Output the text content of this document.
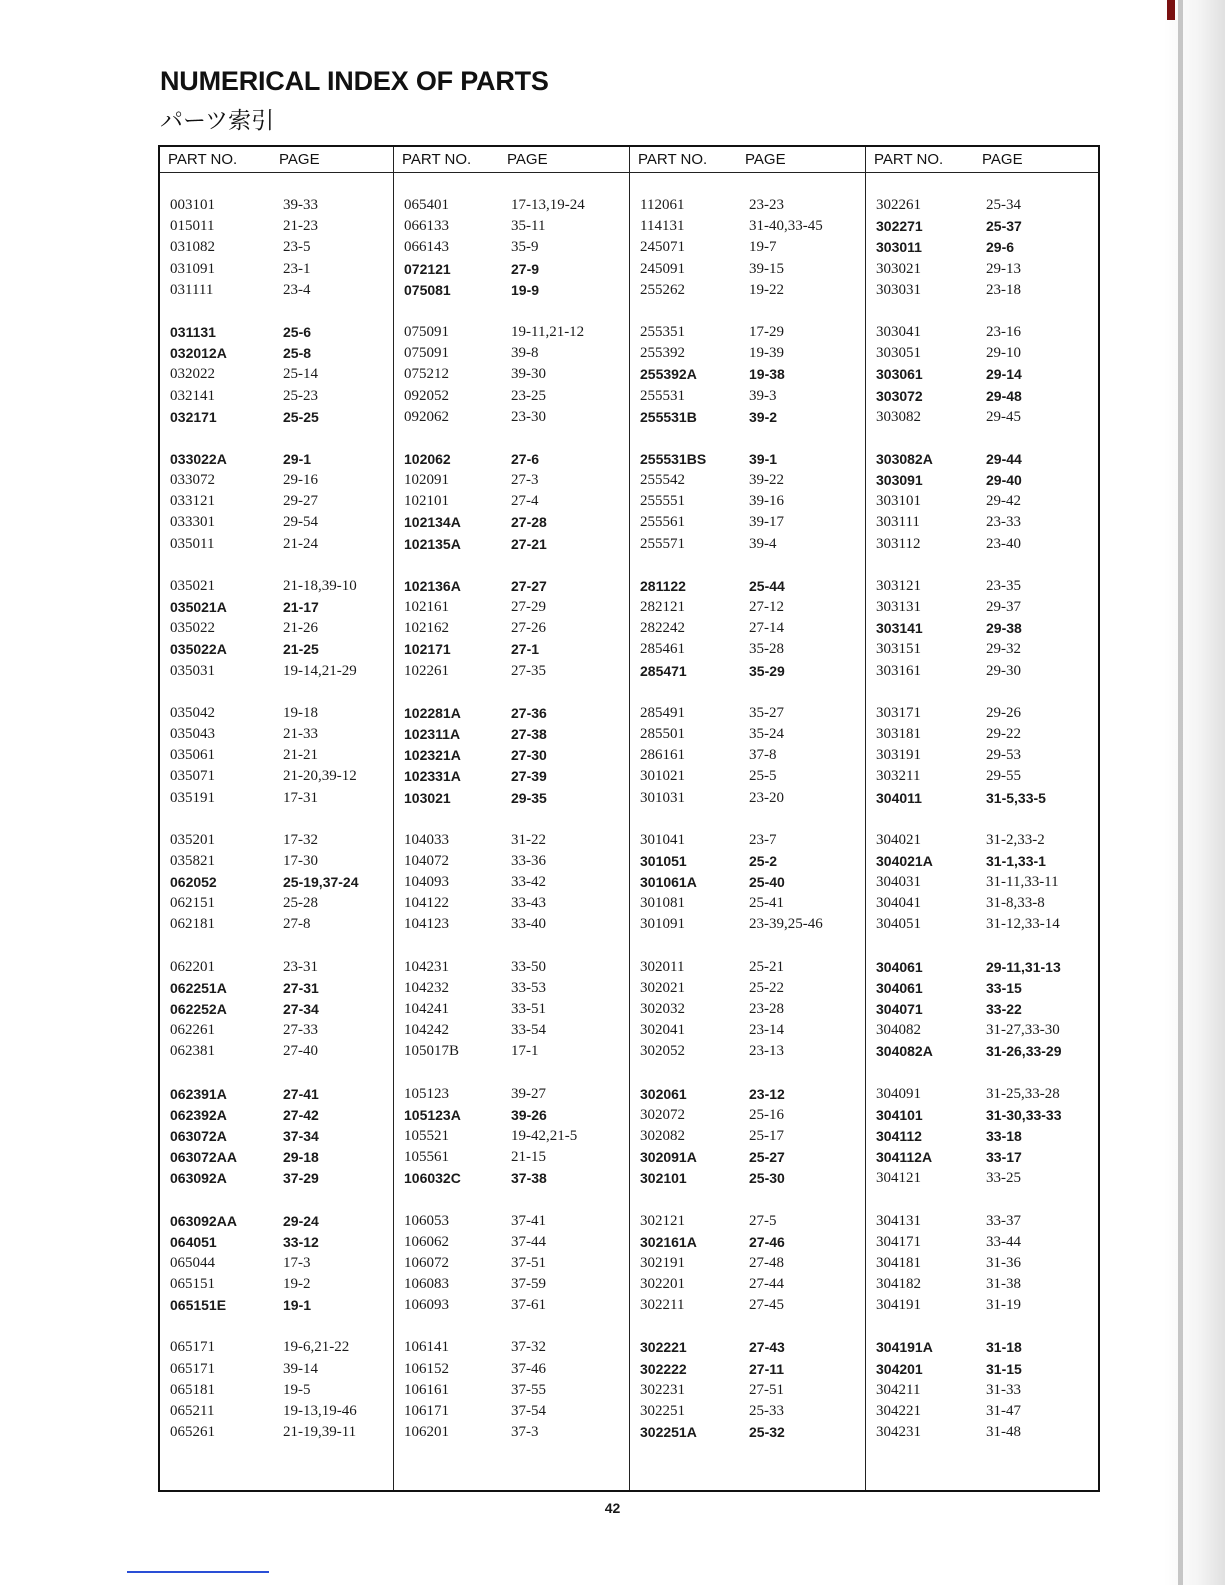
NUMERICAL INDEX OF PARTS
パーツ索引
PART NO.	PAGE
003101	39-33
015011	21-23
031082	23-5
031091	23-1
031111	23-4
031131	25-6
032012A	25-8
032022	25-14
032141	25-23
032171	25-25
033022A	29-1
033072	29-16
033121	29-27
033301	29-54
035011	21-24
035021	21-18,39-10
035021A	21-17
035022	21-26
035022A	21-25
035031	19-14,21-29
035042	19-18
035043	21-33
035061	21-21
035071	21-20,39-12
035191	17-31
035201	17-32
035821	17-30
062052	25-19,37-24
062151	25-28
062181	27-8
062201	23-31
062251A	27-31
062252A	27-34
062261	27-33
062381	27-40
062391A	27-41
062392A	27-42
063072A	37-34
063072AA	29-18
063092A	37-29
063092AA	29-24
064051	33-12
065044	17-3
065151	19-2
065151E	19-1
065171	19-6,21-22
065171	39-14
065181	19-5
065211	19-13,19-46
065261	21-19,39-11
PART NO. PAGE
065401	17-13,19-24
066133	35-11
066143	35-9
072121	27-9
075081	19-9
075091	19-11,21-12
075091	39-8
075212	39-30
092052	23-25
092062	23-30
102062	27-6
102091	27-3
102101	27-4
102134A	27-28
102135A	27-21
102136A	27-27
102161	27-29
102162	27-26
102171	27-1
102261	27-35
102281A	27-36
102311A	27-38
102321A	27-30
102331A	27-39
103021	29-35
104033	31-22
104072	33-36
104093	33-42
104122	33-43
104123	33-40
104231	33-50
104232	33-53
104241	33-51
104242	33-54
105017B	17-1
105123	39-27
105123A	39-26
105521	19-42,21-5
105561	21-15
106032C	37-38
106053	37-41
106062	37-44
106072	37-51
106083	37-59
106093	37-61
106141	37-32
106152	37-46
106161	37-55
106171	37-54
106201	37-3
PART NO.	PAGE
112061	23-23
114131	31-40,33-45
245071	19-7
245091	39-15
255262	19-22
255351	17-29
255392	19-39
255392A	19-38
255531	39-3
255531B	39-2
255531BS	39-1
255542	39-22
255551	39-16
255561	39-17
255571	39-4
281122	25-44
282121	27-12
282242	27-14
285461	35-28
285471	35-29
285491	35-27
285501	35-24
286161	37-8
301021	25-5
301031	23-20
301041	23-7
301051	25-2
301061A	25-40
301081	25-41
301091	23-39,25-46
302011	25-21
302021	25-22
302032	23-28
302041	23-14
302052	23-13
302061	23-12
302072	25-16
302082	25-17
302091A	25-27
302101	25-30
302121	27-5
302161A	27-46
302191	27-48
302201	27-44
302211	27-45
302221	27-43
302222	27-11
302231	27-51
302251	25-33
302251A	25-32
PART NO.	PAGE
302261	25-34
302271	25-37
303011	29-6
303021	29-13
303031	23-18
303041	23-16
303051	29-10
303061	29-14
303072	29-48
303082	29-45
303082A	29-44
303091	29-40
303101	29-42
303111	23-33
303112	23-40
303121	23-35
303131	29-37
303141	29-38
303151	29-32
303161	29-30
303171	29-26
303181	29-22
303191	29-53
303211	29-55
304011	31-5,33-5
304021	31-2,33-2
304021A	31-1,33-1
304031	31-11,33-11
304041	31-8,33-8
304051	31-12,33-14
304061	29-11,31-13
304061	33-15
304071	33-22
304082	31-27,33-30
304082A	31-26,33-29
304091	31-25,33-28
304101	31-30,33-33
304112	33-18
304112A	33-17
304121	33-25
304131	33-37
304171	33-44
304181	31-36
304182	31-38
304191	31-19
304191A	31-18
304201	31-15
304211	31-33
304221	31-47
304231	31-48
42
